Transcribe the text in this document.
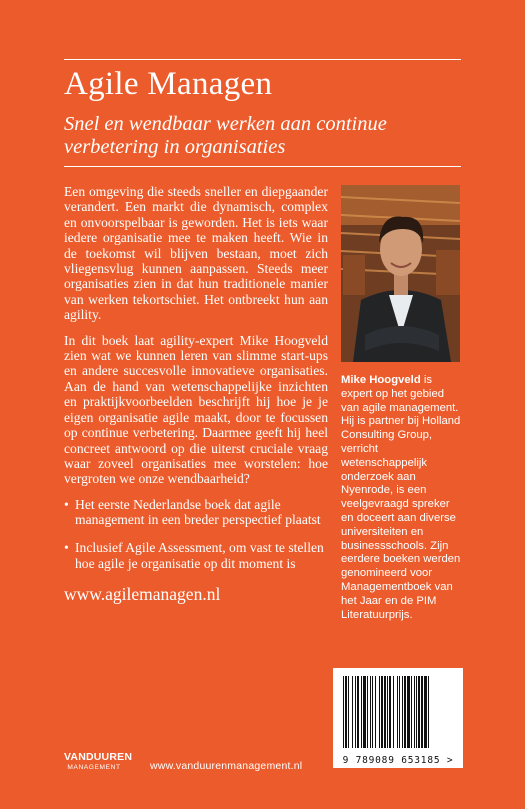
Agile Managen

Snel en wendbaar werken aan continue verbetering in organisaties

Een omgeving die steeds sneller en diepgaander verandert. Een markt die dynamisch, complex en onvoorspelbaar is geworden. Het is iets waar iedere organisatie mee te maken heeft. Wie in de toekomst wil blijven bestaan, moet zich vliegensvlug kunnen aanpassen. Steeds meer organisaties zien in dat hun traditionele manier van werken tekortschiet. Het ontbreekt hun aan agility.

In dit boek laat agility-expert Mike Hoogveld zien wat we kunnen leren van slimme start-ups en andere succesvolle innovatieve organisaties. Aan de hand van wetenschappelijke inzichten en praktijkvoorbeelden beschrijft hij hoe je je eigen organisatie agile maakt, door te focussen op continue verbetering. Daarmee geeft hij heel concreet antwoord op die uiterst cruciale vraag waar zoveel organisaties mee worstelen: hoe vergroten we onze wendbaarheid?

• Het eerste Nederlandse boek dat agile management in een breder perspectief plaatst
• Inclusief Agile Assessment, om vast te stellen hoe agile je organisatie op dit moment is
www.agilemanagen.nl
Mike Hoogveld is expert op het gebied van agile management. Hij is partner bij Holland Consulting Group, verricht wetenschappelijk onderzoek aan Nyenrode, is een veelgevraagd spreker en doceert aan diverse universiteiten en businessschools. Zijn eerdere boeken werden genomineerd voor Managementboek van het Jaar en de PIM Literatuurprijs.
9 789089 653185 >
VANDUUREN
MANAGEMENT	www.vanduurenmanagement.nl
